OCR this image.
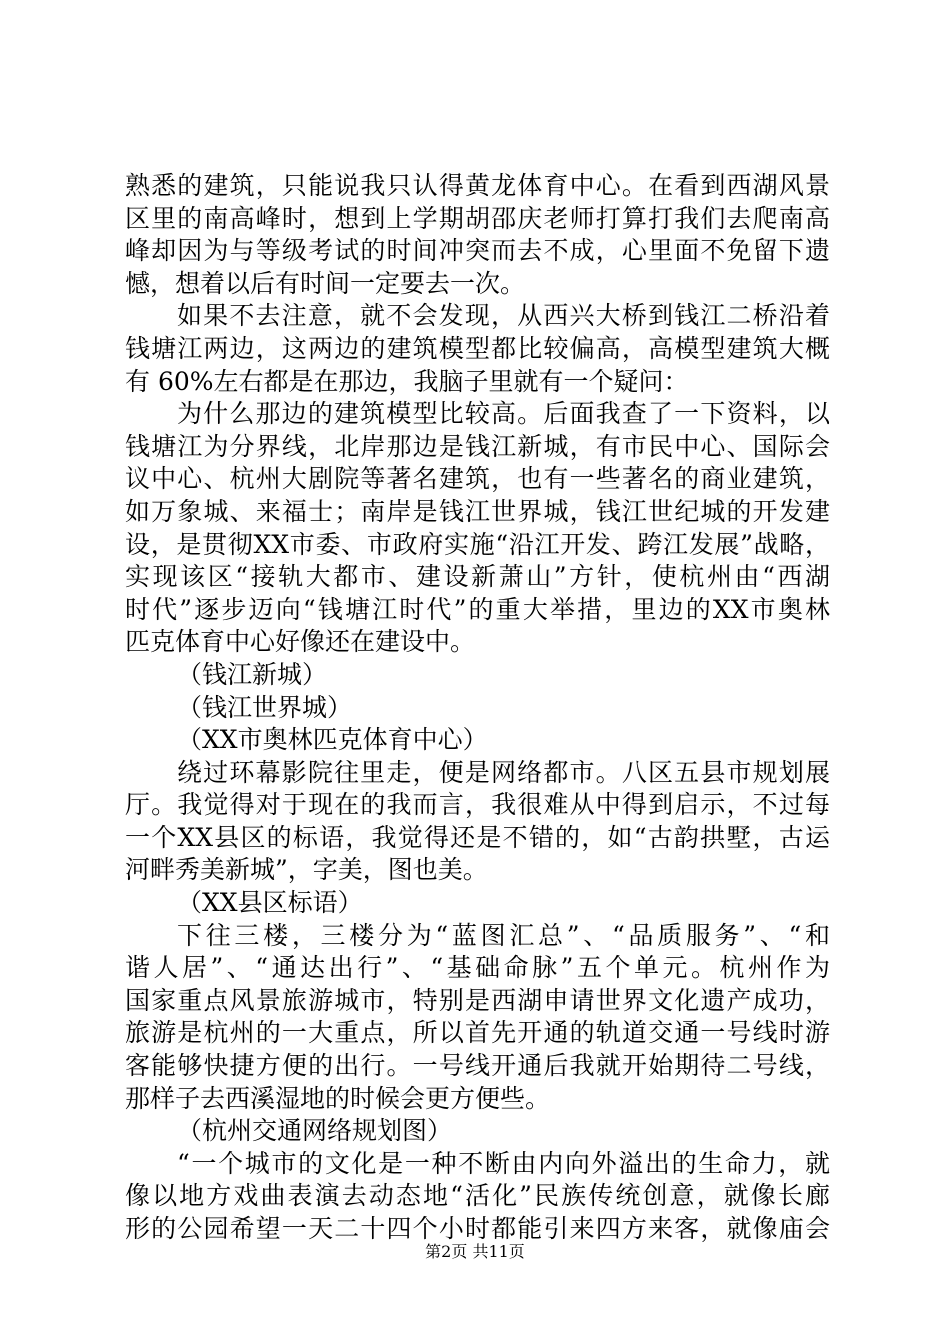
熟悉的建筑，只能说我只认得黄龙体育中心。在看到西湖风景
区里的南高峰时，想到上学期胡邵庆老师打算打我们去爬南高
峰却因为与等级考试的时间冲突而去不成，心里面不免留下遗
憾，想着以后有时间一定要去一次。
如果不去注意，就不会发现，从西兴大桥到钱江二桥沿着
钱塘江两边，这两边的建筑模型都比较偏高，高模型建筑大概
有 60%左右都是在那边，我脑子里就有一个疑问：
为什么那边的建筑模型比较高。后面我查了一下资料，以
钱塘江为分界线，北岸那边是钱江新城，有市民中心、国际会
议中心、杭州大剧院等著名建筑，也有一些著名的商业建筑，
如万象城、来福士；南岸是钱江世界城，钱江世纪城的开发建
设，是贯彻XX市委、市政府实施“沿江开发、跨江发展”战略，
实现该区“接轨大都市、建设新萧山”方针，使杭州由“西湖
时代”逐步迈向“钱塘江时代”的重大举措，里边的XX市奥林
匹克体育中心好像还在建设中。
（钱江新城）
（钱江世界城）
（XX市奥林匹克体育中心）
绕过环幕影院往里走，便是网络都市。八区五县市规划展
厅。我觉得对于现在的我而言，我很难从中得到启示，不过每
一个XX县区的标语，我觉得还是不错的，如“古韵拱墅，古运
河畔秀美新城”，字美，图也美。
（XX县区标语）
下往三楼，三楼分为“蓝图汇总”、“品质服务”、“和
谐人居”、“通达出行”、“基础命脉”五个单元。杭州作为
国家重点风景旅游城市，特别是西湖申请世界文化遗产成功，
旅游是杭州的一大重点，所以首先开通的轨道交通一号线时游
客能够快捷方便的出行。一号线开通后我就开始期待二号线，
那样子去西溪湿地的时候会更方便些。
（杭州交通网络规划图）
“一个城市的文化是一种不断由内向外溢出的生命力，就
像以地方戏曲表演去动态地“活化”民族传统创意，就像长廊
形的公园希望一天二十四个小时都能引来四方来客，就像庙会
第2页 共11页
